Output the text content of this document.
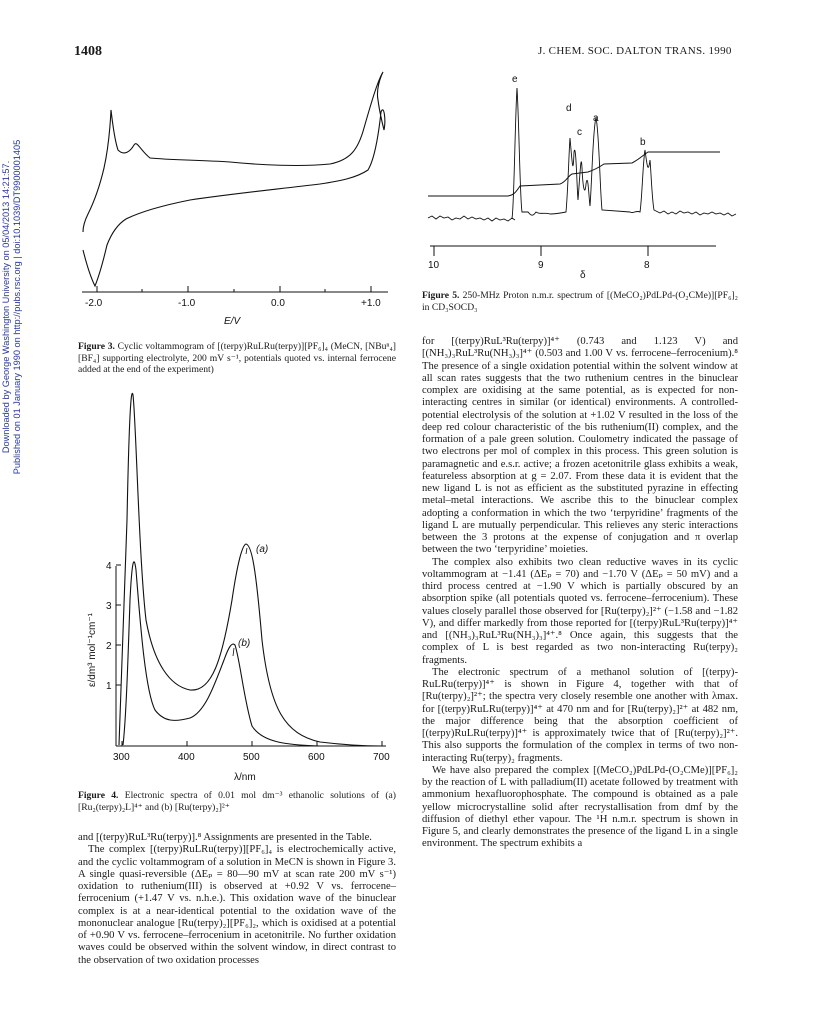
1408	J. CHEM. SOC. DALTON TRANS. 1990
Downloaded by George Washington University on 05/04/2013 14:21:57. Published on 01 January 1990 on http://pubs.rsc.org | doi:10.1039/DT9900001405	-2.0	-1.0	0.0	+1.0
E/V
Figure 3. Cyclic voltammogram of [(terpy)RuLRu(terpy)][PF₆]₄ (MeCN, [NBuⁿ₄][BF₄] supporting electrolyte, 200 mV s⁻¹, potentials quoted vs. internal ferrocene added at the end of the experiment)
300	400	500	600	700
λ/nm
1
2
3
4
ε/dm³ mol⁻¹cm⁻¹
(a)
(b)
Figure 4. Electronic spectra of 0.01 mol dm⁻³ ethanolic solutions of (a) [Ru₂(terpy)₂L]⁴⁺ and (b) [Ru(terpy)₂]²⁺
10	9	8
δ
e
d
c
a
b
Figure 5. 250-MHz Proton n.m.r. spectrum of [(MeCO₂)PdLPd-(O₂CMe)][PF₆]₂ in CD₃SOCD₃

and [(terpy)RuL³Ru(terpy)].⁸ Assignments are presented in the Table.

The complex [(terpy)RuLRu(terpy)][PF₆]₄ is electrochemically active, and the cyclic voltammogram of a solution in MeCN is shown in Figure 3. A single quasi-reversible (ΔEₚ = 80—90 mV at scan rate 200 mV s⁻¹) oxidation to ruthenium(III) is observed at +0.92 V vs. ferrocene–ferrocenium (+1.47 V vs. n.h.e.). This oxidation wave of the binuclear complex is at a near-identical potential to the oxidation wave of the mononuclear analogue [Ru(terpy)₂][PF₆]₂, which is oxidised at a potential of +0.90 V vs. ferrocene–ferrocenium in acetonitrile. No further oxidation waves could be observed within the solvent window, in direct contrast to the observation of two oxidation processes

for [(terpy)RuL³Ru(terpy)]⁴⁺ (0.743 and 1.123 V) and [(NH₃)₃RuL³Ru(NH₃)₃]⁴⁺ (0.503 and 1.00 V vs. ferrocene–ferrocenium).⁸ The presence of a single oxidation potential within the solvent window at all scan rates suggests that the two ruthenium centres in the binuclear complex are oxidising at the same potential, as is expected for non-interacting centres in similar (or identical) environments. A controlled-potential electrolysis of the solution at +1.02 V resulted in the loss of the deep red colour characteristic of the bis ruthenium(II) complex, and the formation of a pale green solution. Coulometry indicated the passage of two electrons per mol of complex in this process. This green solution is paramagnetic and e.s.r. active; a frozen acetonitrile glass exhibits a weak, featureless absorption at g = 2.07. From these data it is evident that the new ligand L is not as efficient as the substituted pyrazine in effecting metal–metal interactions. We ascribe this to the binuclear complex adopting a conformation in which the two ‘terpyridine’ fragments of the ligand L are mutually perpendicular. This relieves any steric interactions between the 3 protons at the expense of conjugation and π overlap between the two ‘terpyridine’ moieties.

The complex also exhibits two clean reductive waves in its cyclic voltammogram at −1.41 (ΔEₚ = 70) and −1.70 V (ΔEₚ = 50 mV) and a third process centred at −1.90 V which is partially obscured by an absorption spike (all potentials quoted vs. ferrocene–ferrocenium). These values closely parallel those observed for [Ru(terpy)₂]²⁺ (−1.58 and −1.82 V), and differ markedly from those reported for [(terpy)RuL³Ru(terpy)]⁴⁺ and [(NH₃)₃RuL³Ru(NH₃)₃]⁴⁺.⁸ Once again, this suggests that the complex of L is best regarded as two non-interacting Ru(terpy)₂ fragments.

The electronic spectrum of a methanol solution of [(terpy)-RuLRu(terpy)]⁴⁺ is shown in Figure 4, together with that of [Ru(terpy)₂]²⁺; the spectra very closely resemble one another with λmax. for [(terpy)RuLRu(terpy)]⁴⁺ at 470 nm and for [Ru(terpy)₂]²⁺ at 482 nm, the major difference being that the absorption coefficient of [(terpy)RuLRu(terpy)]⁴⁺ is approximately twice that of [Ru(terpy)₂]²⁺. This also supports the formulation of the complex in terms of two non-interacting Ru(terpy)₂ fragments.

We have also prepared the complex [(MeCO₂)PdLPd-(O₂CMe)][PF₆]₂ by the reaction of L with palladium(II) acetate followed by treatment with ammonium hexafluorophosphate. The compound is obtained as a pale yellow microcrystalline solid after recrystallisation from dmf by the diffusion of diethyl ether vapour. The ¹H n.m.r. spectrum is shown in Figure 5, and clearly demonstrates the presence of the ligand L in a single environment. The spectrum exhibits a
